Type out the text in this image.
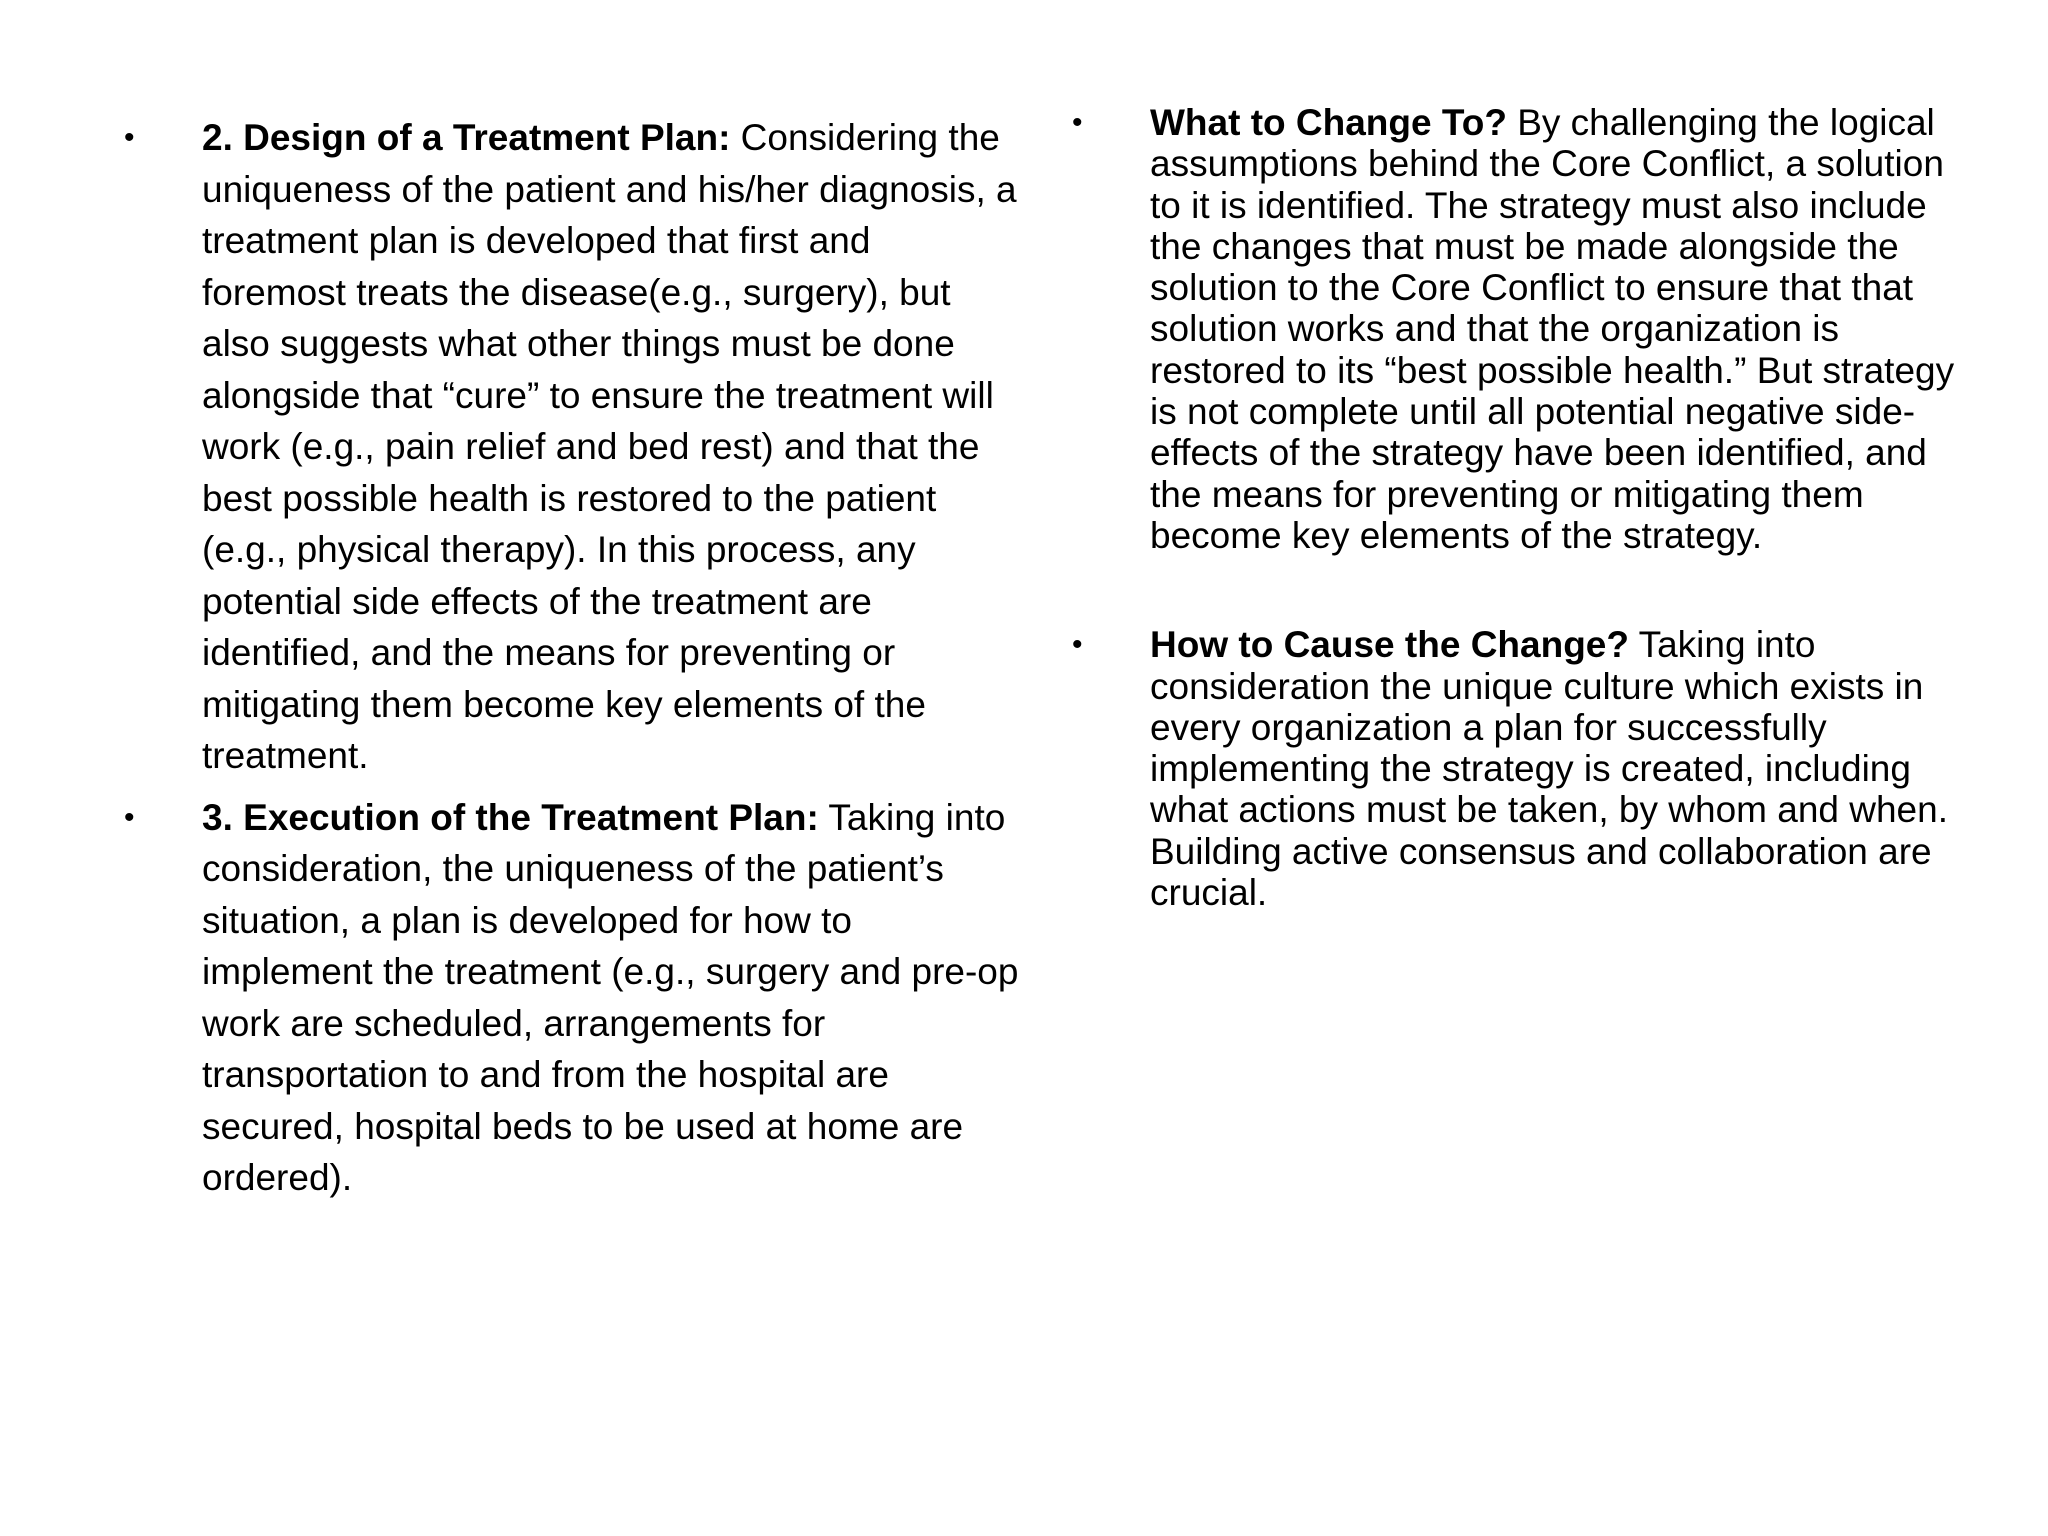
• 2. Design of a Treatment Plan: Considering the uniqueness of the patient and his/her diagnosis, a treatment plan is developed that first and foremost treats the disease(e.g., surgery), but also suggests what other things must be done alongside that “cure” to ensure the treatment will work (e.g., pain relief and bed rest) and that the best possible health is restored to the patient (e.g., physical therapy). In this process, any potential side effects of the treatment are identified, and the means for preventing or mitigating them become key elements of the treatment.
• 3. Execution of the Treatment Plan: Taking into consideration, the uniqueness of the patient’s situation, a plan is developed for how to implement the treatment (e.g., surgery and pre-op work are scheduled, arrangements for transportation to and from the hospital are secured, hospital beds to be used at home are ordered).
• What to Change To? By challenging the logical assumptions behind the Core Conflict, a solution to it is identified. The strategy must also include the changes that must be made alongside the solution to the Core Conflict to ensure that that solution works and that the organization is restored to its “best possible health.” But strategy is not complete until all potential negative side-effects of the strategy have been identified, and the means for preventing or mitigating them become key elements of the strategy.
• How to Cause the Change? Taking into consideration the unique culture which exists in every organization a plan for successfully implementing the strategy is created, including what actions must be taken, by whom and when. Building active consensus and collaboration are crucial.
